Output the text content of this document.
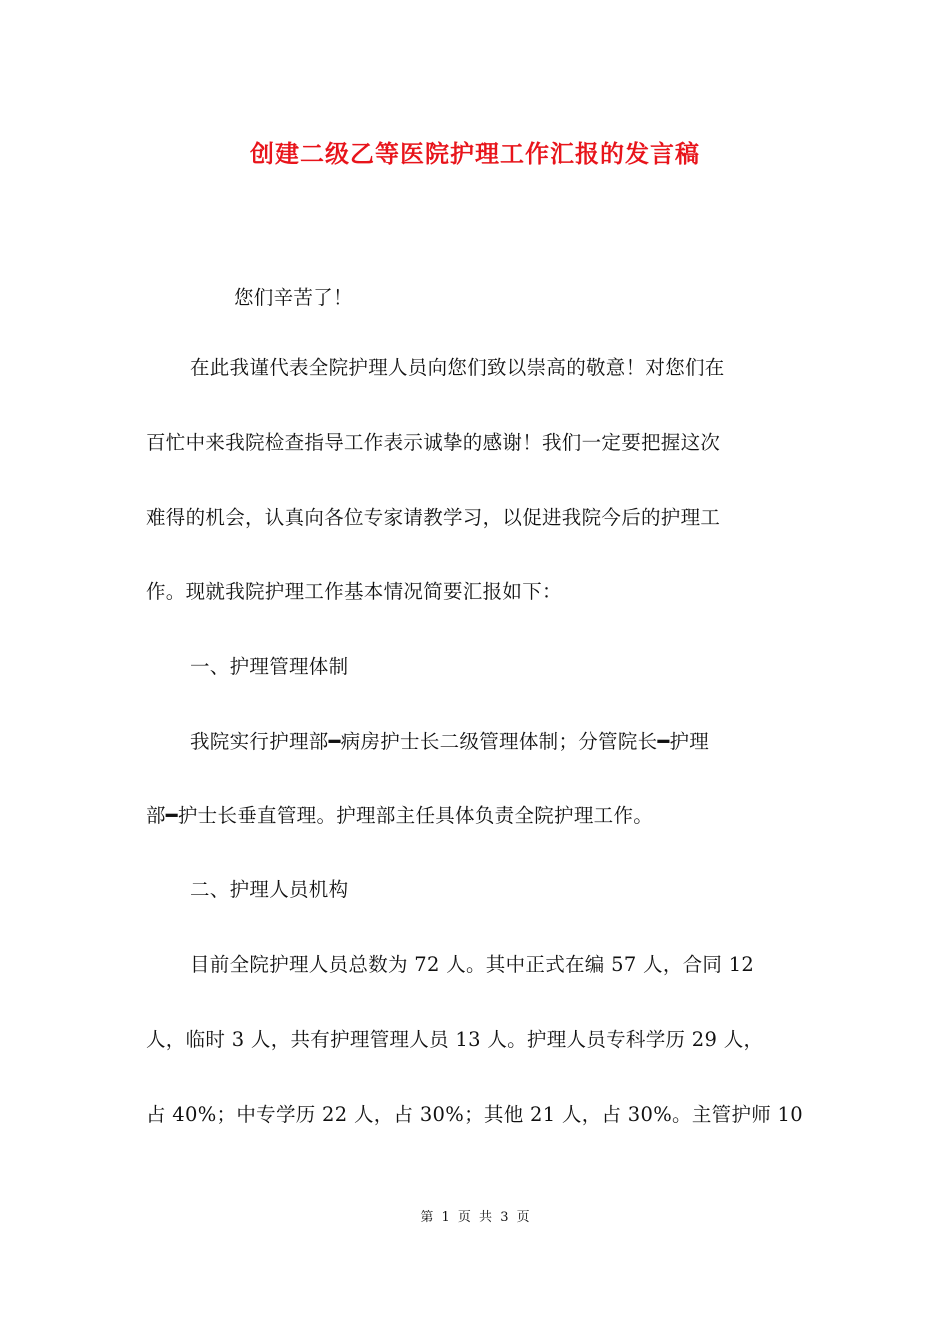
创建二级乙等医院护理工作汇报的发言稿
您们辛苦了！
在此我谨代表全院护理人员向您们致以崇高的敬意！对您们在
百忙中来我院检查指导工作表示诚挚的感谢！我们一定要把握这次
难得的机会，认真向各位专家请教学习，以促进我院今后的护理工
作。现就我院护理工作基本情况简要汇报如下：
一、护理管理体制
我院实行护理部━病房护士长二级管理体制；分管院长━护理
部━护士长垂直管理。护理部主任具体负责全院护理工作。
二、护理人员机构
目前全院护理人员总数为 72 人。其中正式在编 57 人，合同 12
人，临时 3 人，共有护理管理人员 13 人。护理人员专科学历 29 人，
占 40%；中专学历 22 人，占 30%；其他 21 人，占 30%。主管护师 10
第 1 页 共 3 页
